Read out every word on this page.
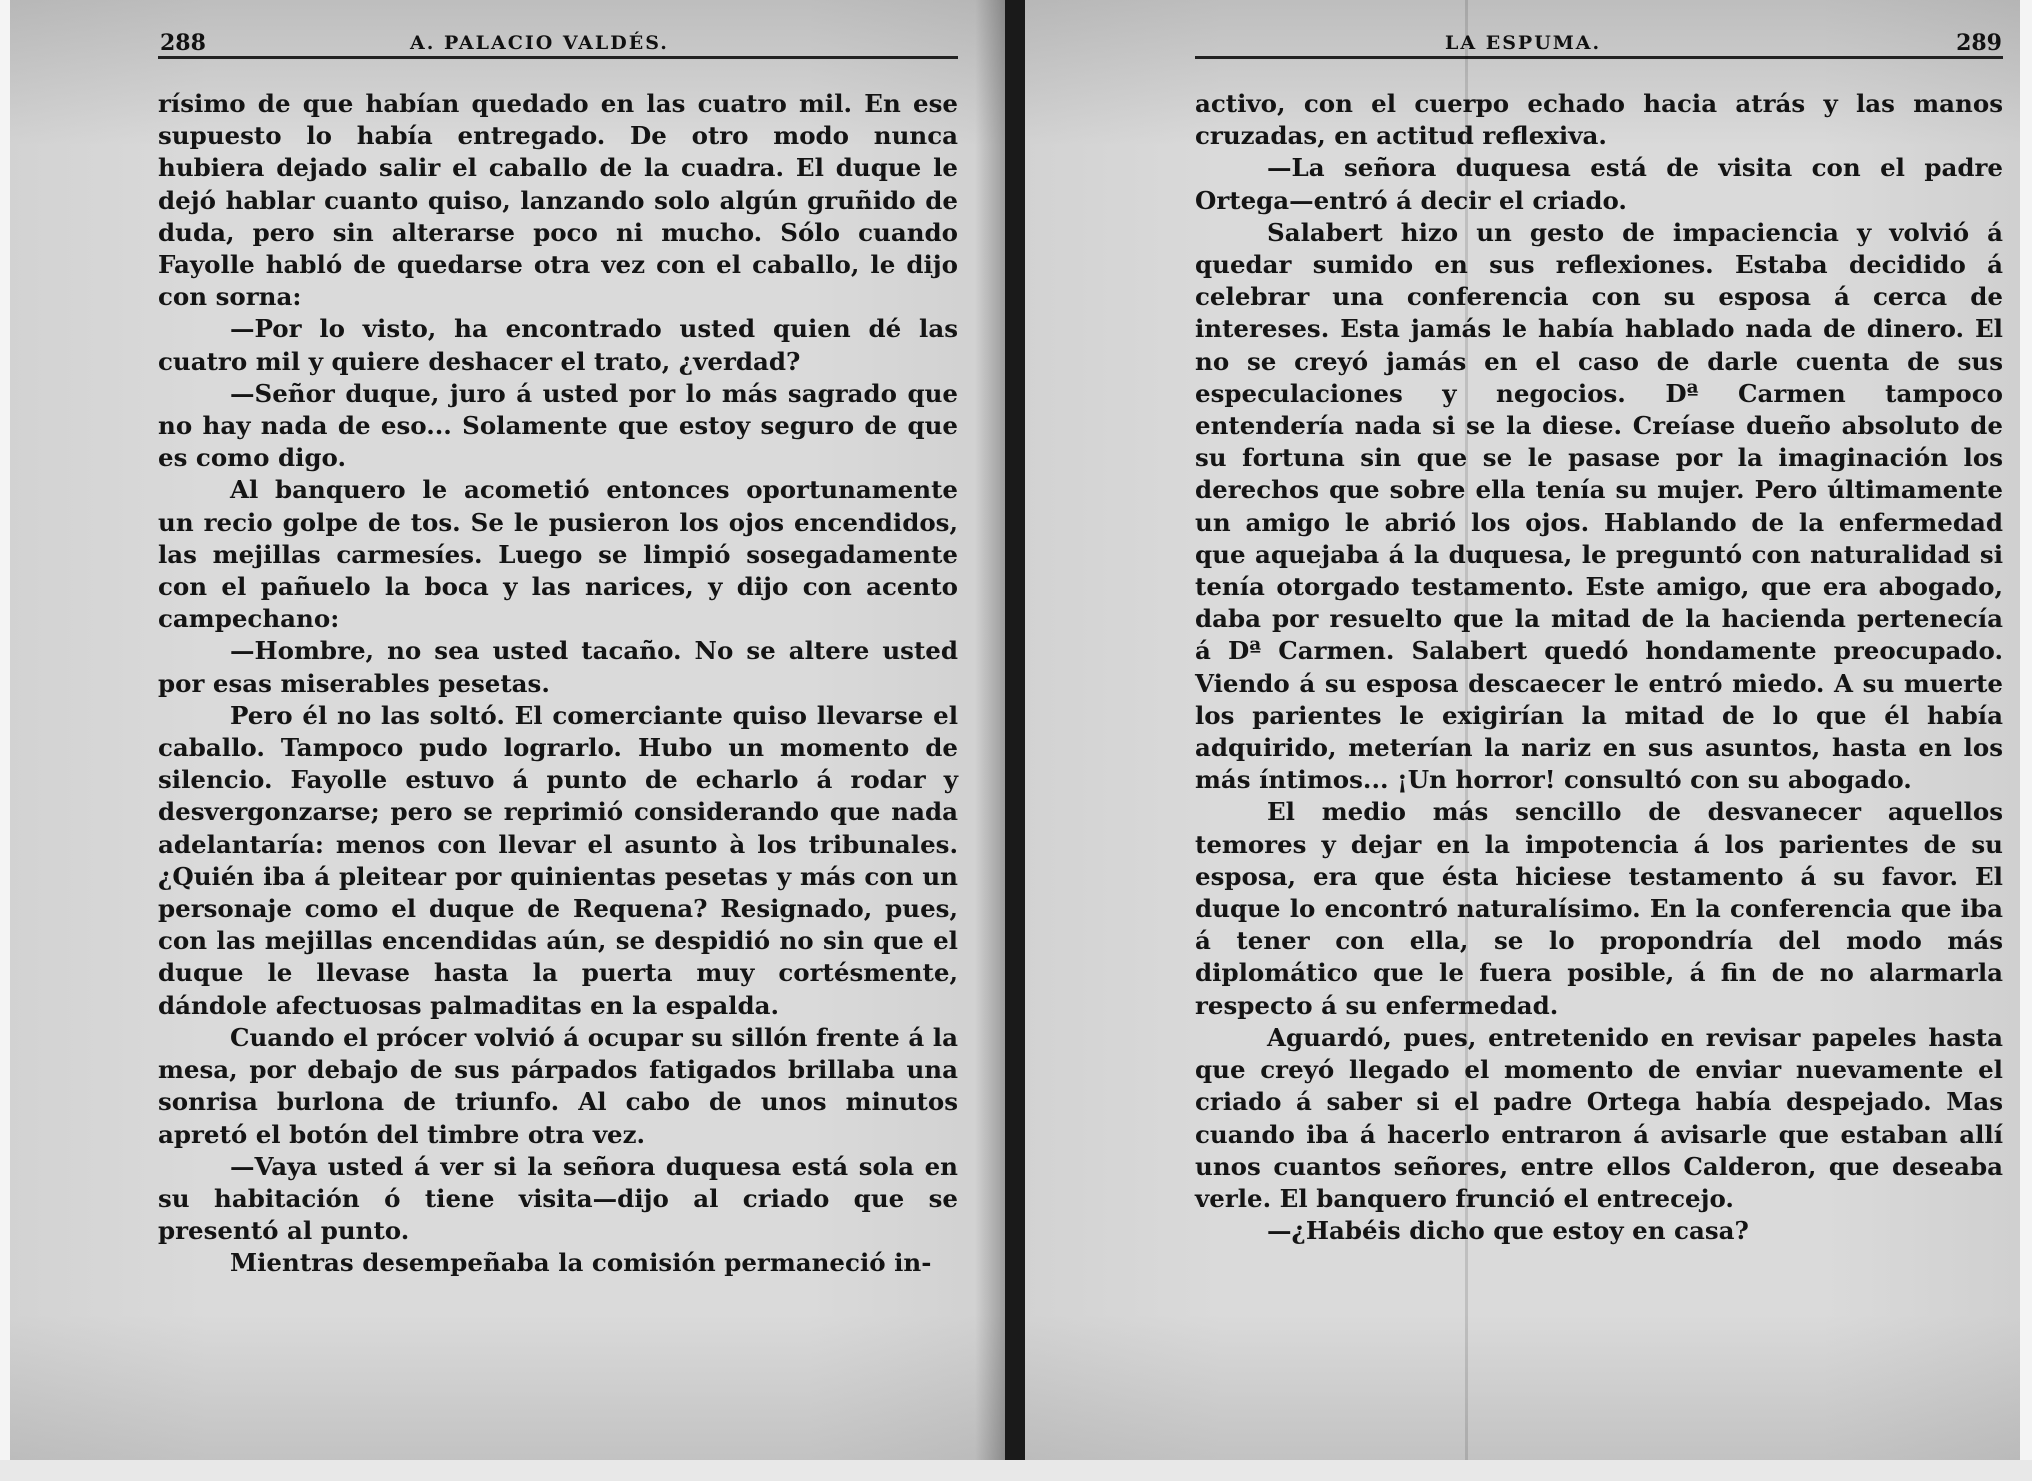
288	A. PALACIO VALDÉS.

rísimo de que habían quedado en las cuatro mil. En ese supuesto lo había entregado. De otro modo nunca hubiera dejado salir el caballo de la cuadra. El duque le dejó hablar cuanto quiso, lanzando solo algún gruñido de duda, pero sin alterarse poco ni mucho. Sólo cuando Fayolle habló de quedarse otra vez con el caballo, le dijo con sorna:

—Por lo visto, ha encontrado usted quien dé las cuatro mil y quiere deshacer el trato, ¿verdad?

—Señor duque, juro á usted por lo más sagrado que no hay nada de eso... Solamente que estoy seguro de que es como digo.

Al banquero le acometió entonces oportunamente un recio golpe de tos. Se le pusieron los ojos encendidos, las mejillas carmesíes. Luego se limpió sosegadamente con el pañuelo la boca y las narices, y dijo con acento campechano:

—Hombre, no sea usted tacaño. No se altere usted por esas miserables pesetas.

Pero él no las soltó. El comerciante quiso llevarse el caballo. Tampoco pudo lograrlo. Hubo un momento de silencio. Fayolle estuvo á punto de echarlo á rodar y desvergonzarse; pero se reprimió considerando que nada adelantaría: menos con llevar el asunto à los tribunales. ¿Quién iba á pleitear por quinientas pesetas y más con un personaje como el duque de Requena? Resignado, pues, con las mejillas encendidas aún, se despidió no sin que el duque le llevase hasta la puerta muy cortésmente, dándole afectuosas palmaditas en la espalda.

Cuando el prócer volvió á ocupar su sillón frente á la mesa, por debajo de sus párpados fatigados brillaba una sonrisa burlona de triunfo. Al cabo de unos minutos apretó el botón del timbre otra vez.

—Vaya usted á ver si la señora duquesa está sola en su habitación ó tiene visita—dijo al criado que se presentó al punto.

Mientras desempeñaba la comisión permaneció in-

LA ESPUMA.	289

activo, con el cuerpo echado hacia atrás y las manos cruzadas, en actitud reflexiva.

—La señora duquesa está de visita con el padre Ortega—entró á decir el criado.

Salabert hizo un gesto de impaciencia y volvió á quedar sumido en sus reflexiones. Estaba decidido á celebrar una conferencia con su esposa á cerca de intereses. Esta jamás le había hablado nada de dinero. El no se creyó jamás en el caso de darle cuenta de sus especulaciones y negocios. Dª Carmen tampoco entendería nada si se la diese. Creíase dueño absoluto de su fortuna sin que se le pasase por la imaginación los derechos que sobre ella tenía su mujer. Pero últimamente un amigo le abrió los ojos. Hablando de la enfermedad que aquejaba á la duquesa, le preguntó con naturalidad si tenía otorgado testamento. Este amigo, que era abogado, daba por resuelto que la mitad de la hacienda pertenecía á Dª Carmen. Salabert quedó hondamente preocupado. Viendo á su esposa descaecer le entró miedo. A su muerte los parientes le exigirían la mitad de lo que él había adquirido, meterían la nariz en sus asuntos, hasta en los más íntimos... ¡Un horror! consultó con su abogado.

El medio más sencillo de desvanecer aquellos temores y dejar en la impotencia á los parientes de su esposa, era que ésta hiciese testamento á su favor. El duque lo encontró naturalísimo. En la conferencia que iba á tener con ella, se lo propondría del modo más diplomático que le fuera posible, á fin de no alarmarla respecto á su enfermedad.

Aguardó, pues, entretenido en revisar papeles hasta que creyó llegado el momento de enviar nuevamente el criado á saber si el padre Ortega había despejado. Mas cuando iba á hacerlo entraron á avisarle que estaban allí unos cuantos señores, entre ellos Calderon, que deseaba verle. El banquero frunció el entrecejo.

—¿Habéis dicho que estoy en casa?
